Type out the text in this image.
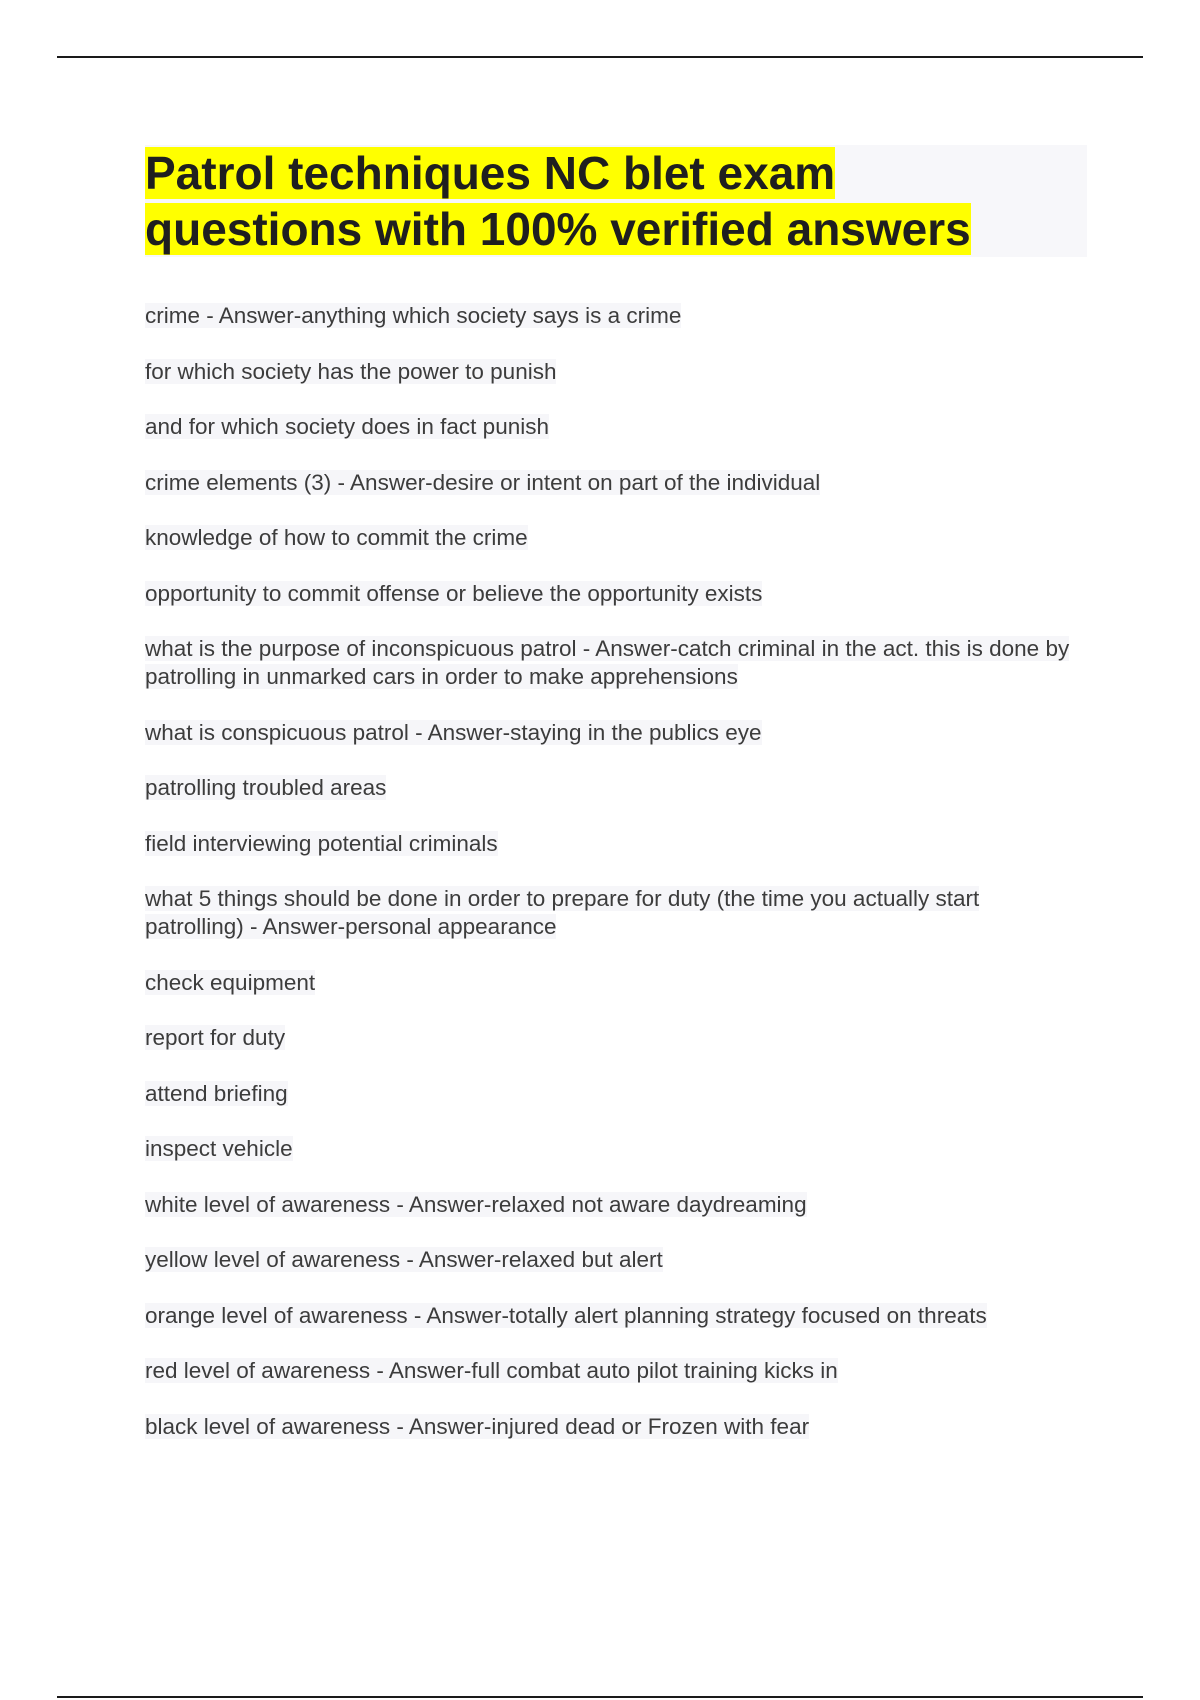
Patrol techniques NC blet exam
questions with 100% verified answers
crime - Answer-anything which society says is a crime
for which society has the power to punish
and for which society does in fact punish
crime elements (3) - Answer-desire or intent on part of the individual
knowledge of how to commit the crime
opportunity to commit offense or believe the opportunity exists
what is the purpose of inconspicuous patrol - Answer-catch criminal in the act. this is done by patrolling in unmarked cars in order to make apprehensions
what is conspicuous patrol - Answer-staying in the publics eye
patrolling troubled areas
field interviewing potential criminals
what 5 things should be done in order to prepare for duty (the time you actually start patrolling) - Answer-personal appearance
check equipment
report for duty
attend briefing
inspect vehicle
white level of awareness - Answer-relaxed not aware daydreaming
yellow level of awareness - Answer-relaxed but alert
orange level of awareness - Answer-totally alert planning strategy focused on threats
red level of awareness - Answer-full combat auto pilot training kicks in
black level of awareness - Answer-injured dead or Frozen with fear
